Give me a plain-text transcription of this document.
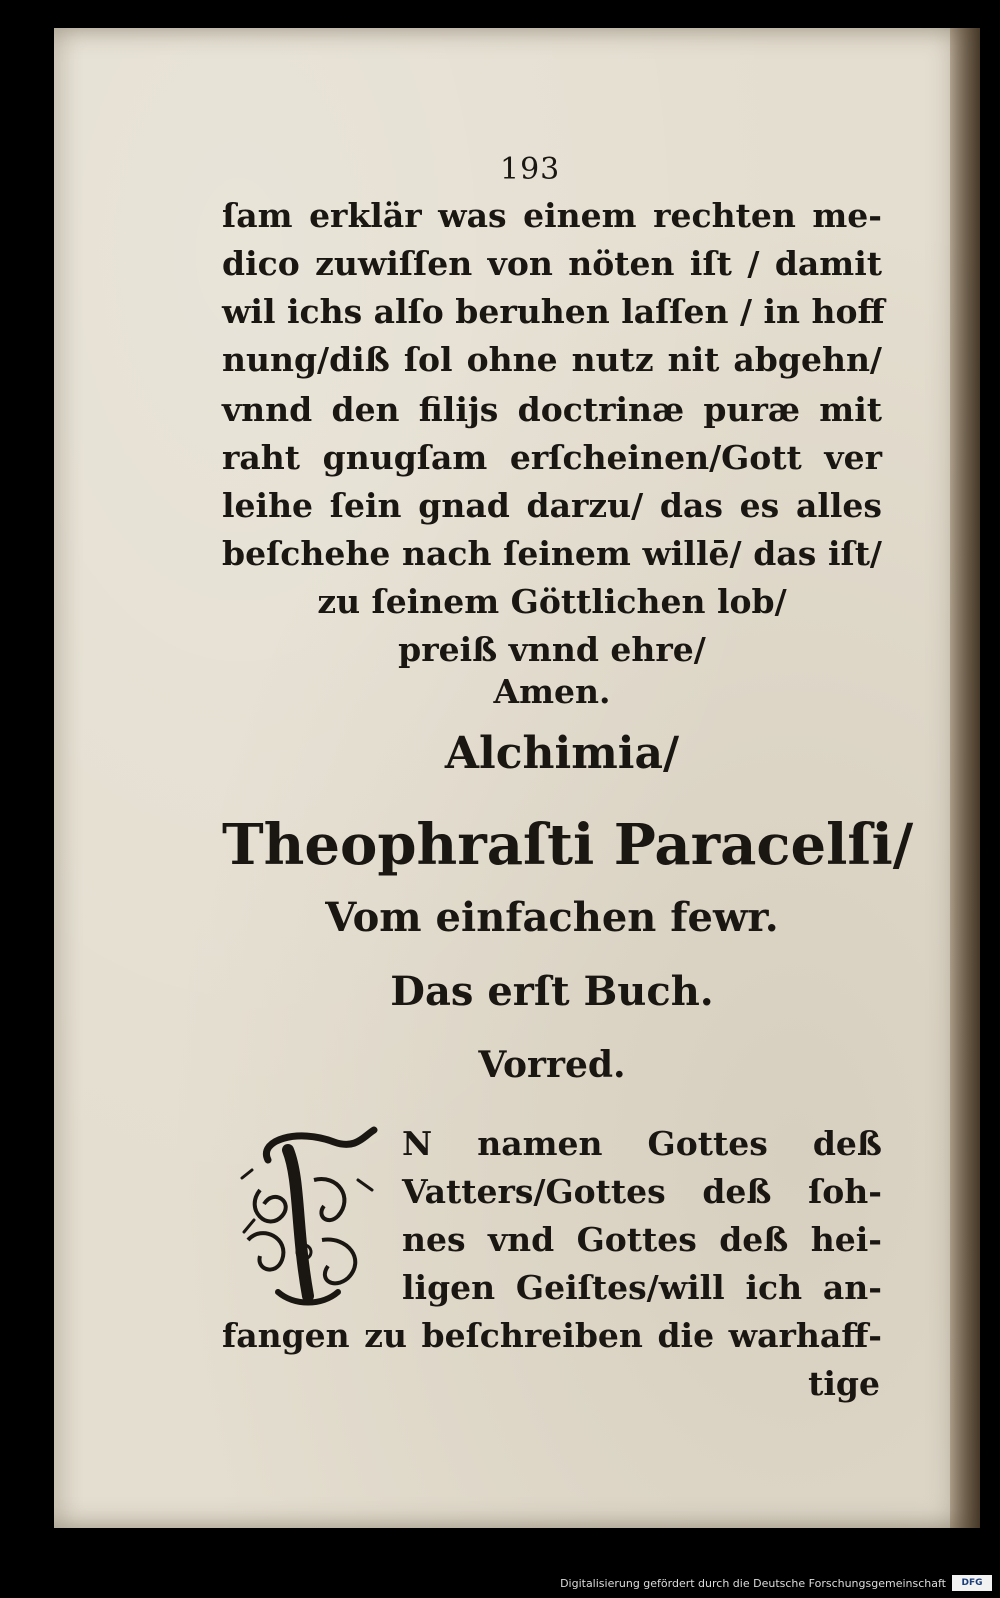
193
ſam erklär was einem rechten me-
dico zuwiſſen von nöten iſt / damit
wil ichs alſo beruhen laſſen / in hoff
nung/diß ſol ohne nutz nit abgehn/
vnnd den filijs doctrinæ puræ mit
raht gnugſam erſcheinen/Gott ver
leihe ſein gnad darzu/ das es alles
beſchehe nach ſeinem willē/ das iſt/
zu ſeinem Göttlichen lob/
preiß vnnd ehre/
Amen.
Alchimia/
Theophraſti Paracelſi/
Vom einfachen fewr.
Das erſt Buch.
Vorred.
N namen Gottes deß
Vatters/Gottes deß ſoh-
nes vnd Gottes deß hei-
ligen Geiſtes/will ich an-
fangen zu beſchreiben die warhaff-
tige
Digitalisierung gefördert durch die Deutsche Forschungsgemeinschaft DFG
